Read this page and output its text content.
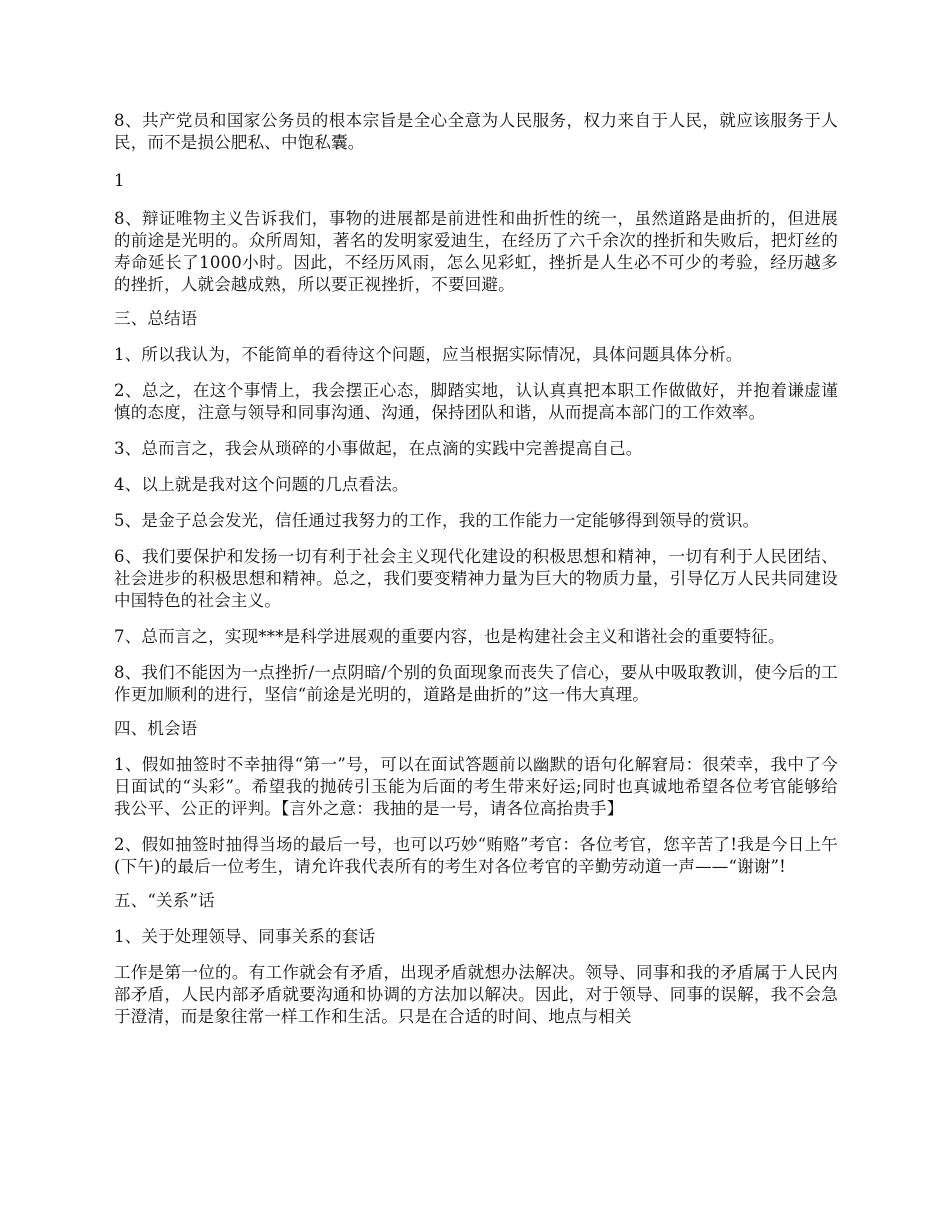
8、共产党员和国家公务员的根本宗旨是全心全意为人民服务，权力来自于人民，就应该服务于人民，而不是损公肥私、中饱私囊。

1

8、辩证唯物主义告诉我们，事物的进展都是前进性和曲折性的统一，虽然道路是曲折的，但进展的前途是光明的。众所周知，著名的发明家爱迪生，在经历了六千余次的挫折和失败后，把灯丝的寿命延长了1000小时。因此，不经历风雨，怎么见彩虹，挫折是人生必不可少的考验，经历越多的挫折，人就会越成熟，所以要正视挫折，不要回避。

三、总结语

1、所以我认为，不能简单的看待这个问题，应当根据实际情况，具体问题具体分析。

2、总之，在这个事情上，我会摆正心态，脚踏实地，认认真真把本职工作做做好，并抱着谦虚谨慎的态度，注意与领导和同事沟通、沟通，保持团队和谐，从而提高本部门的工作效率。

3、总而言之，我会从琐碎的小事做起，在点滴的实践中完善提高自己。

4、以上就是我对这个问题的几点看法。

5、是金子总会发光，信任通过我努力的工作，我的工作能力一定能够得到领导的赏识。

6、我们要保护和发扬一切有利于社会主义现代化建设的积极思想和精神，一切有利于人民团结、社会进步的积极思想和精神。总之，我们要变精神力量为巨大的物质力量，引导亿万人民共同建设中国特色的社会主义。

7、总而言之，实现***是科学进展观的重要内容，也是构建社会主义和谐社会的重要特征。

8、我们不能因为一点挫折/一点阴暗/个别的负面现象而丧失了信心，要从中吸取教训，使今后的工作更加顺利的进行，坚信“前途是光明的，道路是曲折的”这一伟大真理。

四、机会语

1、假如抽签时不幸抽得“第一”号，可以在面试答题前以幽默的语句化解窘局：很荣幸，我中了今日面试的“头彩”。希望我的抛砖引玉能为后面的考生带来好运;同时也真诚地希望各位考官能够给我公平、公正的评判。【言外之意：我抽的是一号，请各位高抬贵手】

2、假如抽签时抽得当场的最后一号，也可以巧妙“贿赂”考官：各位考官，您辛苦了!我是今日上午(下午)的最后一位考生，请允许我代表所有的考生对各位考官的辛勤劳动道一声——“谢谢”!

五、“关系”话

1、关于处理领导、同事关系的套话

工作是第一位的。有工作就会有矛盾，出现矛盾就想办法解决。领导、同事和我的矛盾属于人民内部矛盾，人民内部矛盾就要沟通和协调的方法加以解决。因此，对于领导、同事的误解，我不会急于澄清，而是象往常一样工作和生活。只是在合适的时间、地点与相关
